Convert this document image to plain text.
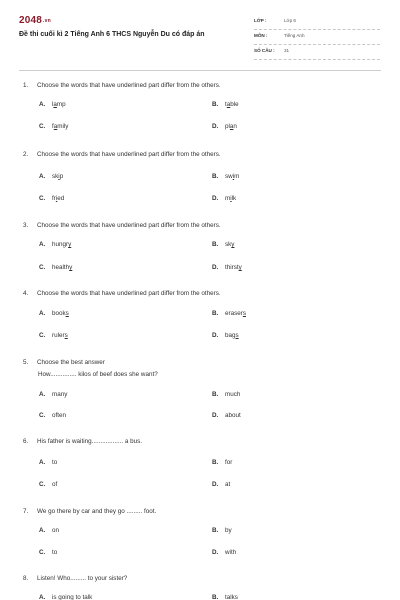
2048.vn
Đề thi cuối kì 2 Tiếng Anh 6 THCS Nguyễn Du có đáp án
LỚP :	Lớp 6
MÔN :	Tiếng Anh
SỐ CÂU : 31
1. Choose the words that have underlined part differ from the others.
A. lamp	B. table
C. family	D. plan
2. Choose the words that have underlined part differ from the others.
A. skip	B. swim
C. fried	D. milk
3. Choose the words that have underlined part differ from the others.
A. hungry	B. sky
C. healthy	D. thirsty
4. Choose the words that have underlined part differ from the others.
A. books	B. erasers
C. rulers	D. bags
5. Choose the best answer
How............... kilos of beef does she want?
A. many	B. much
C. often	D. about
6. His father is waiting.................. a bus.
A. to	B. for
C. of	D. at
7. We go there by car and they go ......... foot.
A. on	B. by
C. to	D. with
8. Listen! Who......... to your sister?
A. is going to talk	B. talks
